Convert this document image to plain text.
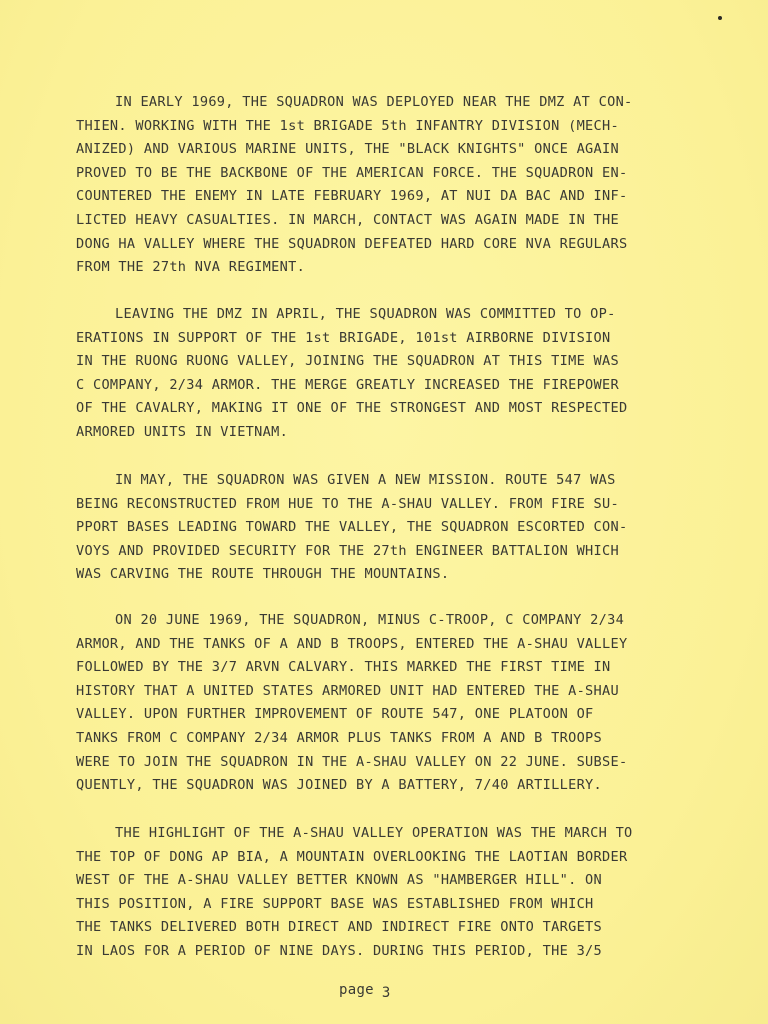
IN EARLY 1969, THE SQUADRON WAS DEPLOYED NEAR THE DMZ AT CON-
THIEN. WORKING WITH THE 1st BRIGADE 5th INFANTRY DIVISION (MECH-
ANIZED) AND VARIOUS MARINE UNITS, THE "BLACK KNIGHTS" ONCE AGAIN
PROVED TO BE THE BACKBONE OF THE AMERICAN FORCE. THE SQUADRON EN-
COUNTERED THE ENEMY IN LATE FEBRUARY 1969, AT NUI DA BAC AND INF-
LICTED HEAVY CASUALTIES. IN MARCH, CONTACT WAS AGAIN MADE IN THE
DONG HA VALLEY WHERE THE SQUADRON DEFEATED HARD CORE NVA REGULARS
FROM THE 27th NVA REGIMENT.
LEAVING THE DMZ IN APRIL, THE SQUADRON WAS COMMITTED TO OP-
ERATIONS IN SUPPORT OF THE 1st BRIGADE, 101st AIRBORNE DIVISION
IN THE RUONG RUONG VALLEY, JOINING THE SQUADRON AT THIS TIME WAS
C COMPANY, 2/34 ARMOR. THE MERGE GREATLY INCREASED THE FIREPOWER
OF THE CAVALRY, MAKING IT ONE OF THE STRONGEST AND MOST RESPECTED
ARMORED UNITS IN VIETNAM.
IN MAY, THE SQUADRON WAS GIVEN A NEW MISSION. ROUTE 547 WAS
BEING RECONSTRUCTED FROM HUE TO THE A-SHAU VALLEY. FROM FIRE SU-
PPORT BASES LEADING TOWARD THE VALLEY, THE SQUADRON ESCORTED CON-
VOYS AND PROVIDED SECURITY FOR THE 27th ENGINEER BATTALION WHICH
WAS CARVING THE ROUTE THROUGH THE MOUNTAINS.
ON 20 JUNE 1969, THE SQUADRON, MINUS C-TROOP, C COMPANY 2/34
ARMOR, AND THE TANKS OF A AND B TROOPS, ENTERED THE A-SHAU VALLEY
FOLLOWED BY THE 3/7 ARVN CALVARY. THIS MARKED THE FIRST TIME IN
HISTORY THAT A UNITED STATES ARMORED UNIT HAD ENTERED THE A-SHAU
VALLEY. UPON FURTHER IMPROVEMENT OF ROUTE 547, ONE PLATOON OF
TANKS FROM C COMPANY 2/34 ARMOR PLUS TANKS FROM A AND B TROOPS
WERE TO JOIN THE SQUADRON IN THE A-SHAU VALLEY ON 22 JUNE. SUBSE-
QUENTLY, THE SQUADRON WAS JOINED BY A BATTERY, 7/40 ARTILLERY.
THE HIGHLIGHT OF THE A-SHAU VALLEY OPERATION WAS THE MARCH TO
THE TOP OF DONG AP BIA, A MOUNTAIN OVERLOOKING THE LAOTIAN BORDER
WEST OF THE A-SHAU VALLEY BETTER KNOWN AS "HAMBERGER HILL". ON
THIS POSITION, A FIRE SUPPORT BASE WAS ESTABLISHED FROM WHICH
THE TANKS DELIVERED BOTH DIRECT AND INDIRECT FIRE ONTO TARGETS
IN LAOS FOR A PERIOD OF NINE DAYS. DURING THIS PERIOD, THE 3/5
page 3
